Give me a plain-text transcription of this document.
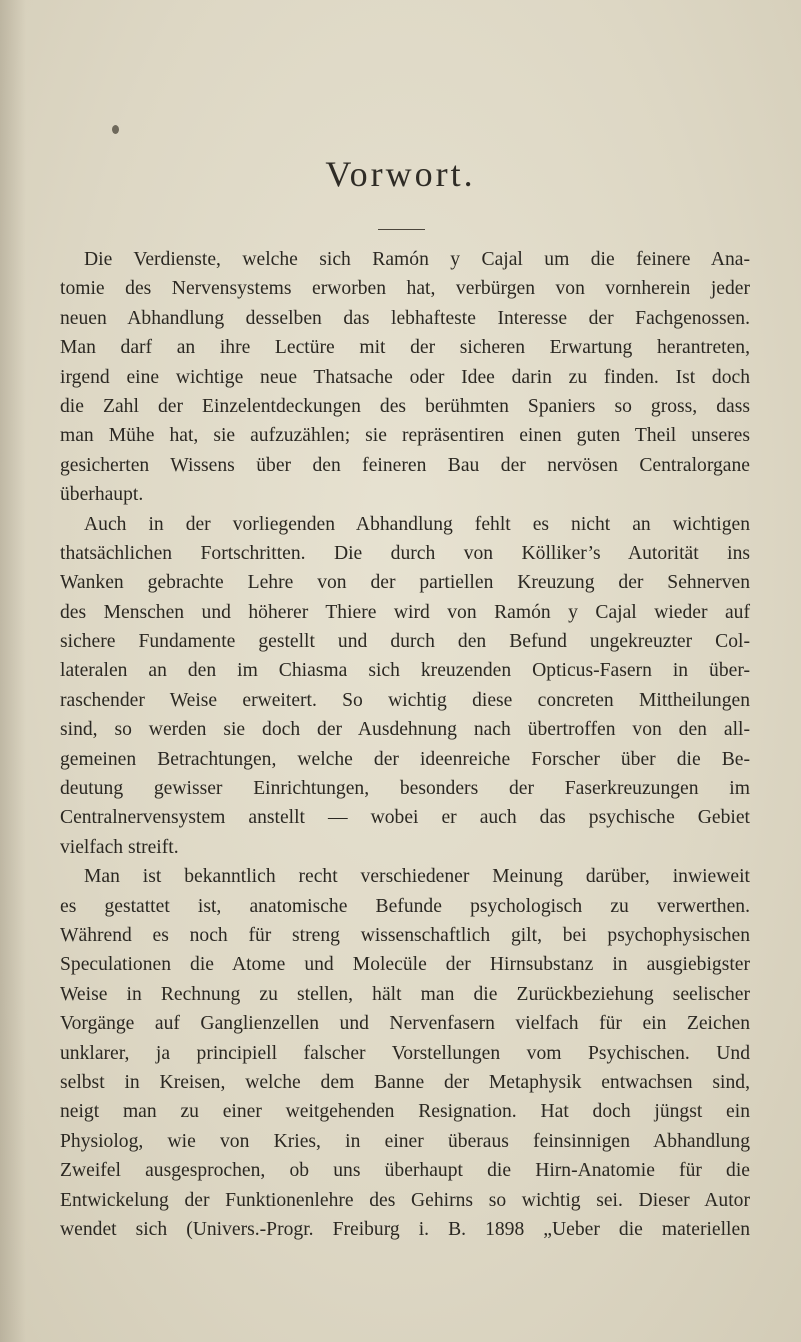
Vorwort.
Die Verdienste, welche sich Ramón y Cajal um die feinere Ana-
tomie des Nervensystems erworben hat, verbürgen von vornherein jeder
neuen Abhandlung desselben das lebhafteste Interesse der Fachgenossen.
Man darf an ihre Lectüre mit der sicheren Erwartung herantreten,
irgend eine wichtige neue Thatsache oder Idee darin zu finden. Ist doch
die Zahl der Einzelentdeckungen des berühmten Spaniers so gross, dass
man Mühe hat, sie aufzuzählen; sie repräsentiren einen guten Theil unseres
gesicherten Wissens über den feineren Bau der nervösen Centralorgane
überhaupt.
Auch in der vorliegenden Abhandlung fehlt es nicht an wichtigen
thatsächlichen Fortschritten. Die durch von Kölliker’s Autorität ins
Wanken gebrachte Lehre von der partiellen Kreuzung der Sehnerven
des Menschen und höherer Thiere wird von Ramón y Cajal wieder auf
sichere Fundamente gestellt und durch den Befund ungekreuzter Col-
lateralen an den im Chiasma sich kreuzenden Opticus-Fasern in über-
raschender Weise erweitert. So wichtig diese concreten Mittheilungen
sind, so werden sie doch der Ausdehnung nach übertroffen von den all-
gemeinen Betrachtungen, welche der ideenreiche Forscher über die Be-
deutung gewisser Einrichtungen, besonders der Faserkreuzungen im
Centralnervensystem anstellt — wobei er auch das psychische Gebiet
vielfach streift.
Man ist bekanntlich recht verschiedener Meinung darüber, inwieweit
es gestattet ist, anatomische Befunde psychologisch zu verwerthen.
Während es noch für streng wissenschaftlich gilt, bei psychophysischen
Speculationen die Atome und Molecüle der Hirnsubstanz in ausgiebigster
Weise in Rechnung zu stellen, hält man die Zurückbeziehung seelischer
Vorgänge auf Ganglienzellen und Nervenfasern vielfach für ein Zeichen
unklarer, ja principiell falscher Vorstellungen vom Psychischen. Und
selbst in Kreisen, welche dem Banne der Metaphysik entwachsen sind,
neigt man zu einer weitgehenden Resignation. Hat doch jüngst ein
Physiolog, wie von Kries, in einer überaus feinsinnigen Abhandlung
Zweifel ausgesprochen, ob uns überhaupt die Hirn-Anatomie für die
Entwickelung der Funktionenlehre des Gehirns so wichtig sei. Dieser Autor
wendet sich (Univers.-Progr. Freiburg i. B. 1898 „Ueber die materiellen
